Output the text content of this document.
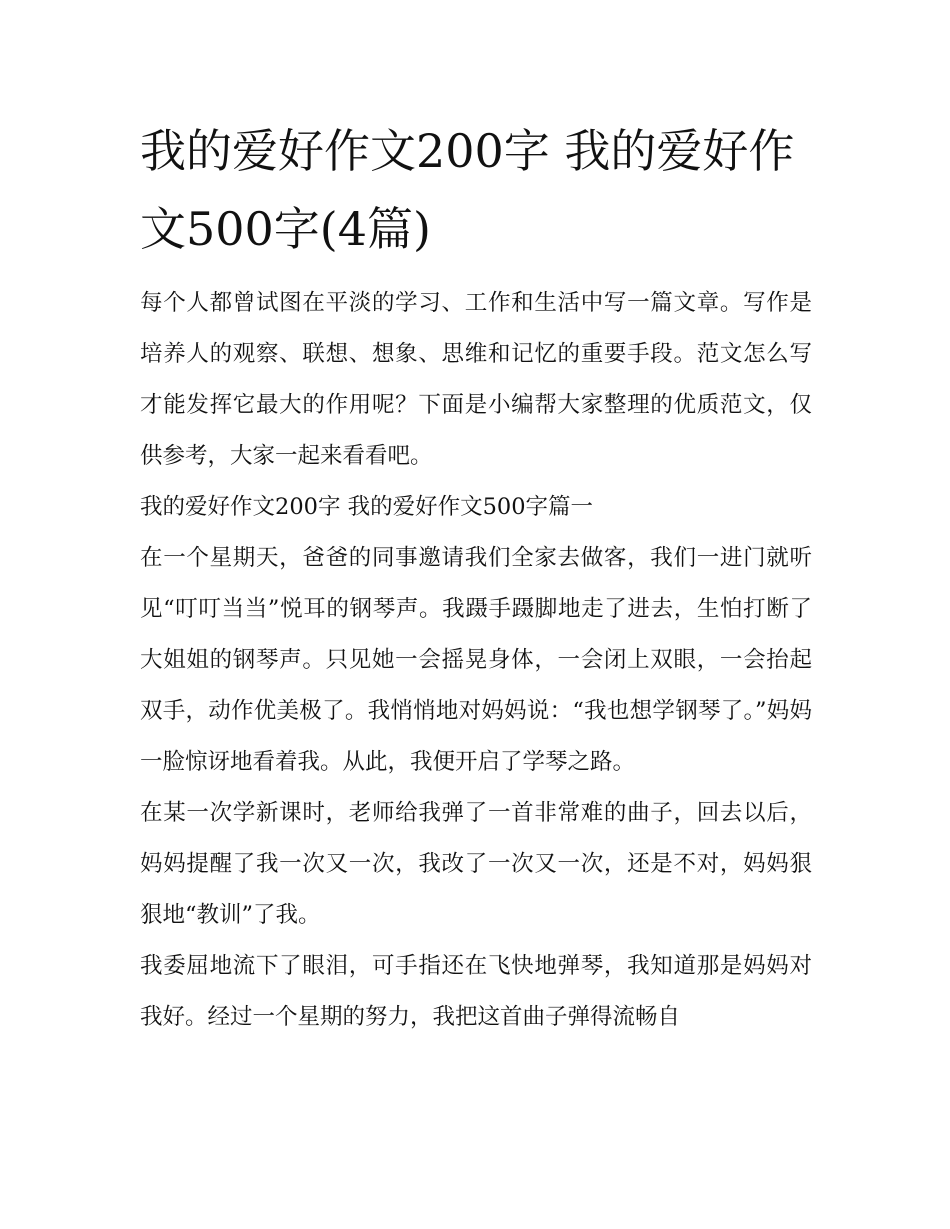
我的爱好作文200字 我的爱好作文500字(4篇)

每个人都曾试图在平淡的学习、工作和生活中写一篇文章。写作是培养人的观察、联想、想象、思维和记忆的重要手段。范文怎么写才能发挥它最大的作用呢？下面是小编帮大家整理的优质范文，仅供参考，大家一起来看看吧。

我的爱好作文200字 我的爱好作文500字篇一

在一个星期天，爸爸的同事邀请我们全家去做客，我们一进门就听见“叮叮当当”悦耳的钢琴声。我蹑手蹑脚地走了进去，生怕打断了大姐姐的钢琴声。只见她一会摇晃身体，一会闭上双眼，一会抬起双手，动作优美极了。我悄悄地对妈妈说：“我也想学钢琴了。”妈妈一脸惊讶地看着我。从此，我便开启了学琴之路。

在某一次学新课时，老师给我弹了一首非常难的曲子，回去以后，妈妈提醒了我一次又一次，我改了一次又一次，还是不对，妈妈狠狠地“教训”了我。

我委屈地流下了眼泪，可手指还在飞快地弹琴，我知道那是妈妈对我好。经过一个星期的努力，我把这首曲子弹得流畅自
